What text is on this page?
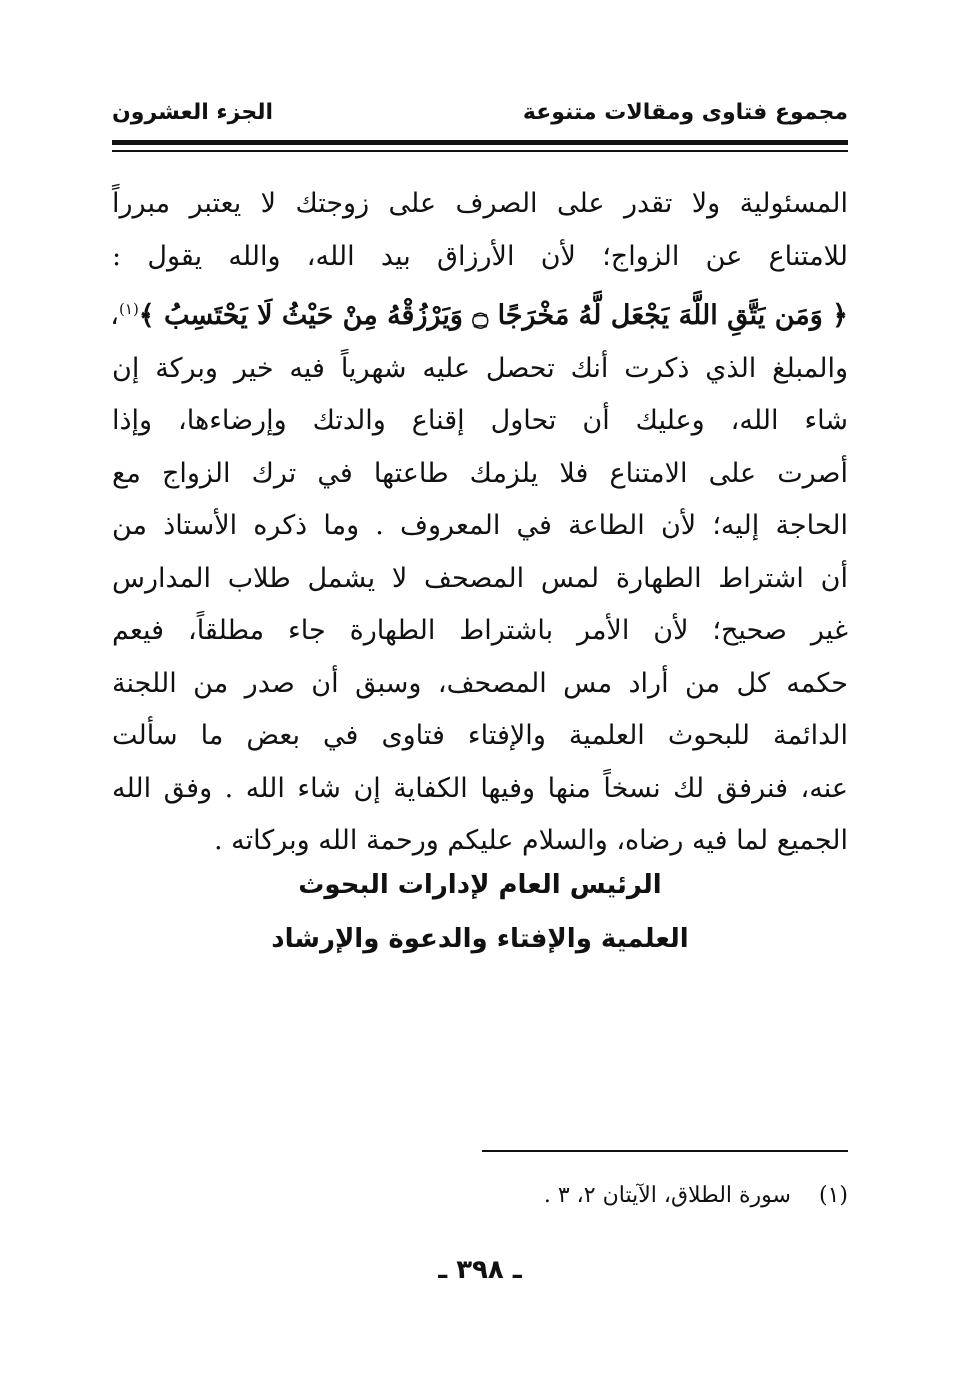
مجموع فتاوى ومقالات متنوعة
الجزء العشرون
المسئولية ولا تقدر على الصرف على زوجتك لا يعتبر مبرراً
للامتناع عن الزواج؛ لأن الأرزاق بيد الله، والله يقول :
﴿ وَمَن يَتَّقِ اللَّهَ يَجْعَل لَّهُ مَخْرَجًا ۝ وَيَرْزُقْهُ مِنْ حَيْثُ لَا يَحْتَسِبُ ﴾$^{(١)}$،
والمبلغ الذي ذكرت أنك تحصل عليه شهرياً فيه خير وبركة إن
شاء الله، وعليك أن تحاول إقناع والدتك وإرضاءها، وإذا
أصرت على الامتناع فلا يلزمك طاعتها في ترك الزواج مع
الحاجة إليه؛ لأن الطاعة في المعروف . وما ذكره الأستاذ من
أن اشتراط الطهارة لمس المصحف لا يشمل طلاب المدارس
غير صحيح؛ لأن الأمر باشتراط الطهارة جاء مطلقاً، فيعم
حكمه كل من أراد مس المصحف، وسبق أن صدر من اللجنة
الدائمة للبحوث العلمية والإفتاء فتاوى في بعض ما سألت
عنه، فنرفق لك نسخاً منها وفيها الكفاية إن شاء الله . وفق الله
الجميع لما فيه رضاه، والسلام عليكم ورحمة الله وبركاته .
الرئيس العام لإدارات البحوث
العلمية والإفتاء والدعوة والإرشاد
(١)    سورة الطلاق، الآيتان ٢، ٣ .
ـ ٣٩٨ ـ
